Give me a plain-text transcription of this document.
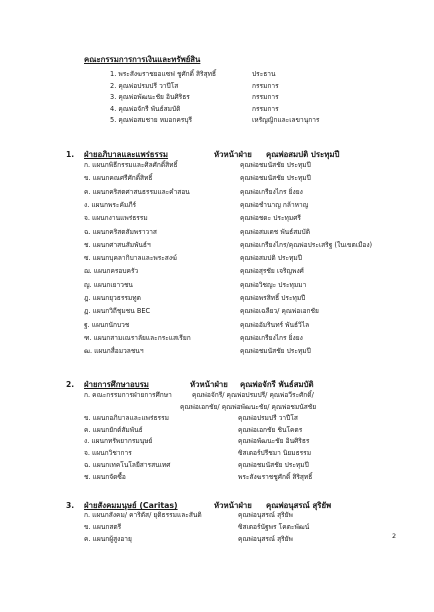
คณะกรรมการการเงินและทรัพย์สิน
1. พระสังฆราชยอแซฟ ชูศักดิ์ สิริสุทธิ์	ประธาน
2. คุณพ่อปรมปรี วาปีโส	กรรมการ
3. คุณพ่อพัฒนะชัย อินศิริธร	กรรมการ
4. คุณพ่อจักรี พันธ์สมบัติ	กรรมการ
5. คุณพ่อสมชาย หมอกครบุรี	เหรัญญิกและเลขานุการ
1. ฝ่ายอภิบาลและแพร่ธรรม	หัวหน้าฝ่าย คุณพ่อสมปติ ประทุมปี
ก. แผนกพิธีกรรมและศิลศักดิ์สิทธิ์	คุณพ่อชมนัสชัย ประทุมปี
ข. แผนกคณศรีศักดิ์สิทธิ์	คุณพ่อชมนัสชัย ประทุมปี
ค. แผนกคริสตศาสนธรรมและคำสอน	คุณพ่อเกรียงไกร ยิ่งยง
ง. แผนกพระคัมภีร์	คุณพ่อชำนาญ กล้าหาญ
จ. แผนกงานแพร่ธรรม	คุณพ่อชดะ ประทุมศรี
ฉ. แผนกคริสตสัมพราวาส	คุณพ่อสมเดช พันธ์สมบัติ
ช. แผนกศาสนสัมพันธ์ฯ	คุณพ่อเกรียงไกร/คุณพ่อประเสริฐ (ในเขตเมือง)
ซ. แผนกบุคลากิบาลและพระสงฆ์	คุณพ่อสมปติ ประทุมปี
ฌ. แผนกครอบครัว	คุณพ่อสุรชัย เจริญพงศ์
ญ. แผนกเยาวชน	คุณพ่อวิชญะ ประทุมมา
ฎ. แผนกยุวธรรมทูต	คุณพ่อพรสิทธิ์ ประทุมปี
ฏ. แผนกวิถีชุมชน BEC	คุณพ่อเฉลียว/ คุณพ่อเอกชัย
ฐ. แผนกนักบวช	คุณพ่ออัมรินทร์ พันธ์วิไล
ฑ. แผนกสามเณราลัยและกระแสเรียก	คุณพ่อเกรียงไกร ยิ่งยง
ฒ. แผนกสื่อมวลชนฯ	คุณพ่อชมนัสชัย ประทุมปี
2. ฝ่ายการศึกษาอบรม	หัวหน้าฝ่าย คุณพ่อจักรี พันธ์สมบัติ
ก. คณะกรรมการฝ่ายการศึกษา	คุณพ่อจักรี/ คุณพ่อปรมปรี/ คุณพ่อวีระศักดิ์/
คุณพ่อเอกชัย/ คุณพ่อพัฒนะชัย/ คุณพ่อชมนัสชัย
ข. แผนกอภิบาลและแพร่ธรรม	คุณพ่อปรมปรี วาปีโส
ค. แผนกยักต์สัมพันธ์	คุณพ่อเอกชัย ชินโคตร
ง. แผนกทรัพยากรมนุษย์	คุณพ่อพัฒนะชัย อินศิริธร
จ. แผนกวิชาการ	ซิสเตอร์ปรีชมา นิยมธรรม
ฉ. แผนกเทคโนโลยีสารสนเทศ	คุณพ่อชมนัสชัย ประทุมปี
ช. แผนกจัดซื้อ	พระสังฆราชชูศักดิ์ สิริสุทธิ์
3. ฝ่ายสังคมมนุษย์ (Caritas)	หัวหน้าฝ่าย คุณพ่อนุสรณ์ สุริยัพ
ก. แผนกสังคม/ คาริตัส/ ยุติธรรมและสันติ	คุณพ่อนุสรณ์ สุริยัพ
ข. แผนกสตรี	ซิสเตอร์นัฐพร โคตะพัฒน์
ค. แผนกผู้สูงอายุ	คุณพ่อนุสรณ์ สุริยัพ	2
